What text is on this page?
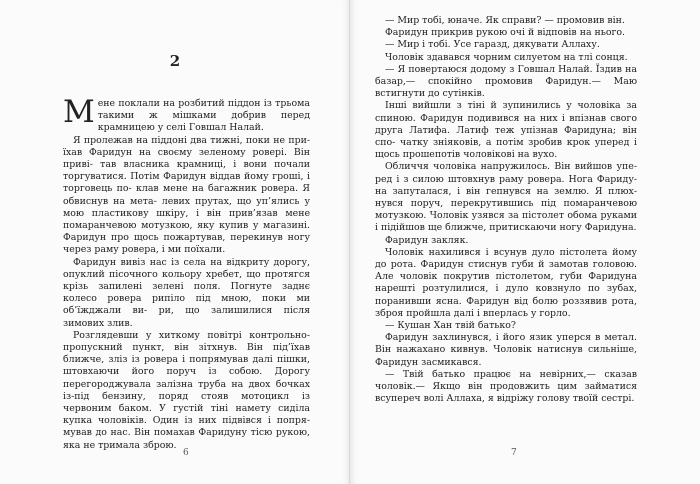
2

Мене поклали на розбитий піддон із трьома такими ж мішками добрив перед крамницею у селі Говшал Налай.

Я пролежав на піддоні два тижні, поки не при- їхав Фаридун на своєму зеленому ровері. Він привi- тав власника крамниці, і вони почали торгуватися. Потім Фаридун віддав йому гроші, і торговець по- клав мене на багажник ровера. Я обвиснув на мета- левих прутах, що уп’ялись у мою пластикову шкіру, і він прив’язав мене помаранчевою мотузкою, яку купив у магазині. Фаридун про щось пожартував, перекинув ногу через раму ровера, і ми поїхали.

Фаридун вивіз нас із села на відкриту дорогу, опуклий пісочного кольору хребет, що протягся крізь запилені зелені поля. Погнуте заднє колесо ровера рипіло під мною, поки ми об’їжджали ви- ри, що залишилися після зимових злив.

Розглядевши у хиткому повітрі контрольно- пропускний пункт, він зітхнув. Він під’їхав ближче, зліз із ровера і попрямував далі пішки, штовхаючи його поруч із собою. Дорогу перегороджувала залізна труба на двох бочках із-під бензину, поряд стояв мотоцикл із червоним баком. У густій тіні намету сиділа купка чоловіків. Один із них підвівся і попря- мував до нас. Він помахав Фаридуну тісю рукою, яка не тримала зброю.

6

— Мир тобі, юначе. Як справи? — промовив він.

Фаридун прикрив рукою очі й відповів на нього.

— Мир і тобі. Усе гаразд, дякувати Аллаху.

Чоловік здавався чорним силуетом на тлі сонця.

— Я повертаюся додому з Говшал Налай. Їздив на базар,— спокійно промовив Фаридун.— Маю встигнути до сутінків.

Інші вийшли з тіні й зупинились у чоловіка за спиною. Фаридун подивився на них і впізнав свого друга Латифа. Латиф теж упізнав Фаридуна; він спо- чатку зніяковів, а потім зробив крок уперед і щось прошепотів чоловікові на вухо.

Обличчя чоловіка напружилось. Він вийшов упе- ред і з силою штовхнув раму ровера. Нога Фариду- на запуталася, і він гепнувся на землю. Я плюх- нувся поруч, перекрутившись під помаранчевою мотузкою. Чоловік узявся за пістолет обома руками і підійшов ще ближче, притискаючи ногу Фаридуна.

Фаридун закляк.

Чоловік нахилився і всунув дуло пістолета йому до рота. Фаридун стиснув губи й замотав головою. Але чоловік покрутив пістолетом, губи Фаридуна нарешті розтулилися, і дуло ковзнуло по зубах, поранивши ясна. Фаридун від болю роззявив рота, зброя пройшла далі і вперлась у горло.

— Кушан Хан твій батько?

Фаридун захлинувся, і його язик уперся в метал. Він нажахано кивнув. Чоловік натиснув сильніше, Фаридун засмикався.

— Твій батько працює на невірних,— сказав чоловік.— Якщо він продовжить цим займатися всупереч волі Аллаха, я відріжу голову твоїй сестрі.

7
